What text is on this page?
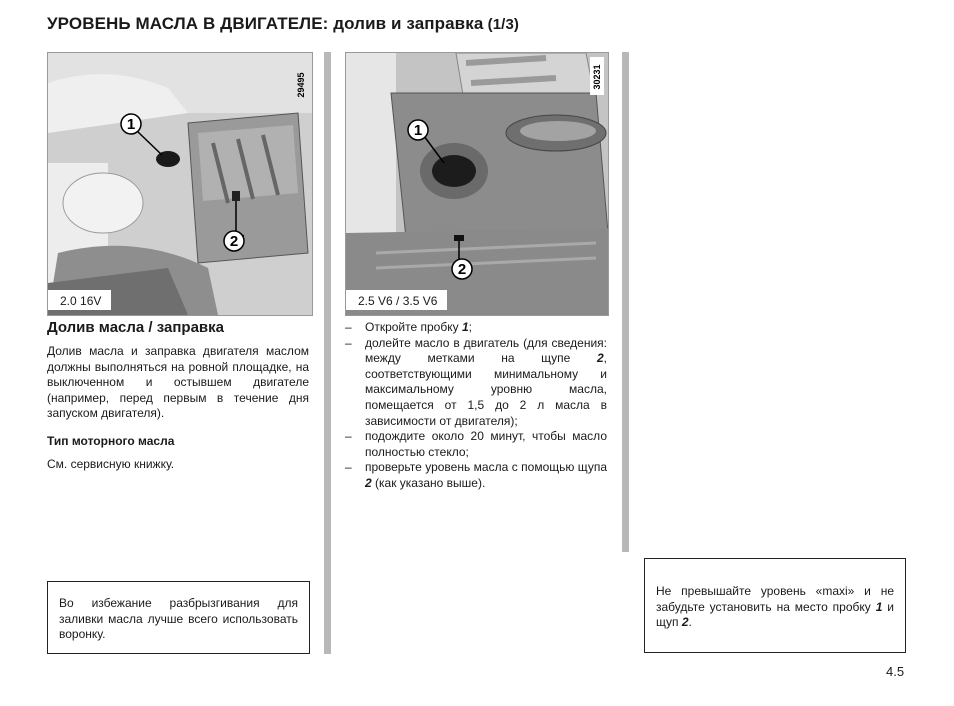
УРОВЕНЬ МАСЛА В ДВИГАТЕЛЕ: долив и заправка (1/3)
1
2
29495
2.0 16V
1
2
30231
2.5 V6 / 3.5 V6
Долив масла / заправка
Долив масла и заправка двигателя маслом должны выполняться на ровной площадке, на выключенном и остывшем двигателе (например, перед первым в течение дня запуском двигателя).
Тип моторного масла
См. сервисную книжку.
– Откройте пробку 1;
– долейте масло в двигатель (для сведения: между метками на щупе 2, соответствующими минимальному и максимальному уровню масла, помещается от 1,5 до 2 л масла в зависимости от двигателя);
– подождите около 20 минут, чтобы масло полностью стекло;
– проверьте уровень масла с помощью щупа 2 (как указано выше).
Во избежание разбрызгивания для заливки масла лучше всего использовать воронку.
Не превышайте уровень «maxi» и не забудьте установить на место пробку 1 и щуп 2.
4.5
